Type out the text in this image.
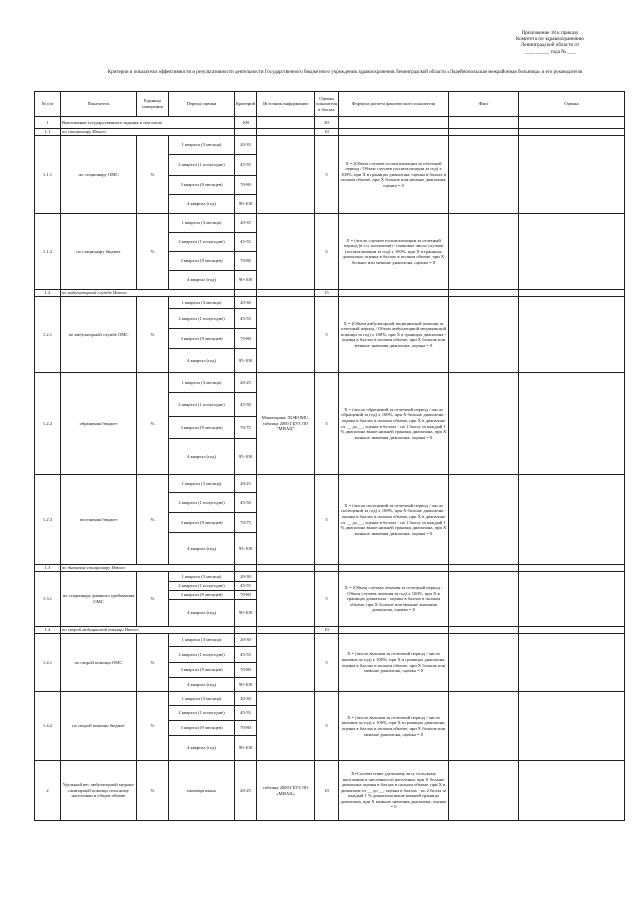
Приложение 18 к приказу
Комитета по здравоохранению
Ленинградской области от
____ _____ года № ___
Критерии и показатели эффективности и результативности деятельности Государственного бюджетного учреждения здравоохранения Ленинградской области «Лодейнопольская межрайонная больница» и его руководителя
№ п/п	Показатель	Единица измерения	Период оценки	Критерий	Источник информации	Оценка показателя в баллах	Формула расчета фактического показателя	Факт	Оценка
1	Выполнение государственного задания в том числе			100		40			
1.1	по стационару Итого:					10			
1.1.1	по стационару ОМС	%	1 квартал (3 месяца)	20-35		5	Х = (Объем случаев госпитализации за отчетный период / Объем случаев госпитализации за год) х 100%, при Х в границах диапазона, оценка в баллах в полном объеме, при Х больше или меньше диапазона, оценка = 0		
			2 квартал (1 полугодие)	45-55					
			3 квартал (9 месяцев)	70-80					
			4 квартал (год)	90-100					
1.1.2	по стационару бюджет	%	1 квартал (3 месяца)	20-35		5	Х = (число случаев госпитализации за отчетный период (в т.ч. паллиатив) / плановое число случаев госпитализации за год) х 100%, при Х в границах диапазона, оценка в баллах в полном объеме, при Х больше или меньше диапазона, оценка = 0		
			2 квартал (1 полугодие)	45-55					
			3 квартал (9 месяцев)	70-80					
			4 квартал (год)	90-100					
1.2	по амбулаторной службе Итого:					15			
1.2.1	по амбулаторной службе ОМС	%	1 квартал (3 месяца)	20-30		5	Х = (Объем амбулаторной медицинской помощи за отчетный период / Объем амбулаторной медицинской помощи за год) х 100%, при Х в границах диапазона - оценка в баллах в полном объеме, при Х больше или меньше значения диапазона, оценка = 0		
			2 квартал (1 полугодие)	45-55					
			3 квартал (9 месяцев)	70-80					
			4 квартал (год)	95-100					
1.2.2	обращения бюджет	%	1 квартал (3 месяца)	20-25	Мониторинг ЛОФОМС, таблица 2000 ГБУЗ ЛО "МИАЦ"	5	Х = (число обращений за отчетный период / число обращений за год) х 100%, при Х больше диапазона - оценка в баллах в полном объеме, при Х в диапазоне от __ до __, оценка в баллах - по 1 баллу за каждый 1 % диапазона выше нижней границы диапазона, при Х меньше значения диапазона, оценка = 0		
			2 квартал (1 полугодие)	45-50					
			3 квартал (9 месяцев)	70-75					
			4 квартал (год)	95-100					
1.2.3	посещения бюджет	%	1 квартал (3 месяца)	20-25		5	Х = (число посещений за отчетный период / число посещений за год) х 100%, при Х больше диапазона - оценка в баллах в полном объеме, при Х в диапазоне от __ до __, оценка в баллах - по 1 баллу за каждый 1 % диапазона выше нижней границы диапазона, при Х меньше значения диапазона, оценка = 0		
			2 квартал (1 полугодие)	45-50					
			3 квартал (9 месяцев)	70-75					
			4 квартал (год)	95-100					
1.3	по дневному стационару Итого:								
1.3.1	по стационару дневного пребывания ОМС	%	1 квартал (3 месяца)	20-30		5	Х = (Объем случаев лечения за отчетный период / Объем случаев лечения за год) х 100%, при Х в границах диапазона - оценка в баллах в полном объеме, при Х больше или меньше значения диапазона, оценка = 0		
			2 квартал (1 полугодие)	45-55					
			3 квартал (9 месяцев)	70-80					
			4 квартал (год)	90-100					
1.4	по скорой медицинской помощи Итого:					10			
1.4.1	по скорой помощи ОМС	%	1 квартал (3 месяца)	20-30		5	Х = (число вызовов за отчетный период / число вызовов за год) х 100%, при Х в границах диапазона, оценка в баллах в полном объеме, при Х больше или меньше диапазона, оценка = 0		
			2 квартал (1 полугодие)	45-55					
			3 квартал (9 месяцев)	70-80					
			4 квартал (год)	90-100					
1.4.2	по скорой помощи бюджет	%	1 квартал (3 месяца)	20-30		5	Х = (число вызовов за отчетный период / число вызовов за год) х 100%, при Х в границах диапазона, оценка в баллах в полном объеме, при Х больше или меньше диапазона, оценка = 0		
			2 квартал (1 полугодие)	45-55					
			3 квартал (9 месяцев)	70-80					
			4 квартал (год)	90-100					
2	Удельный вес амбулаторной медико-санитарной помощи сельскому населению в общем объеме	%	ежеквартально	20-25	таблица 2000 ГБУЗ ЛО «МИАЦ»	10	Х=Соответствие удельному весу сельскому населению в численности населения, при Х больше диапазона оценка в баллах в полном объеме, при Х в диапазоне от __ до __, оценка в баллах - по 2 балла за каждый 1 % диапазона выше нижней границы диапазона, при Х меньше значения диапазона, оценка = 0		
